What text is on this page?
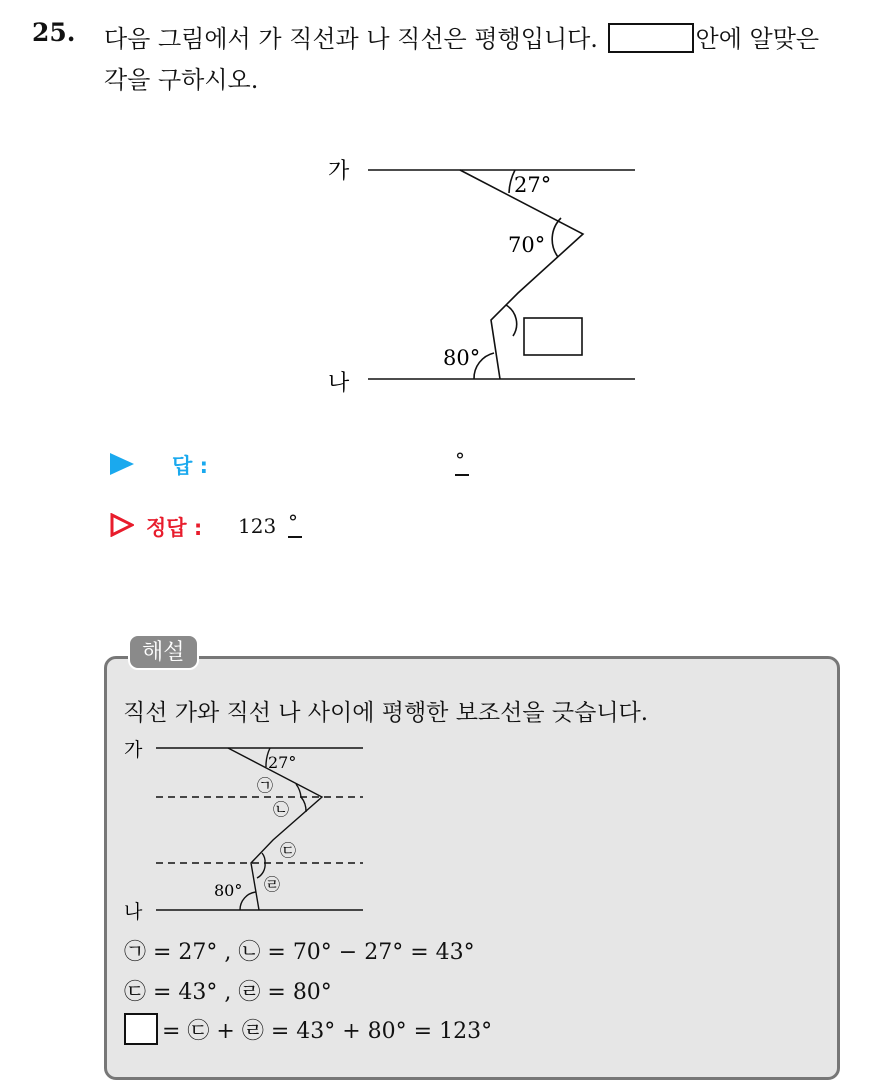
25. 다음 그림에서 가 직선과 나 직선은 평행입니다.	안에 알맞은
각을 구하시오.
가
나
27°
70°
80°
답 :	°
정답 : 123 °
해설
직선 가와 직선 나 사이에 평행한 보조선을 긋습니다.
가
나
27°
㉠
㉡
㉢
㉣
80°
㉠ = 27° , ㉡ = 70° − 27° = 43°
㉢ = 43° , ㉣ = 80°
= ㉢ + ㉣ = 43° + 80° = 123°
